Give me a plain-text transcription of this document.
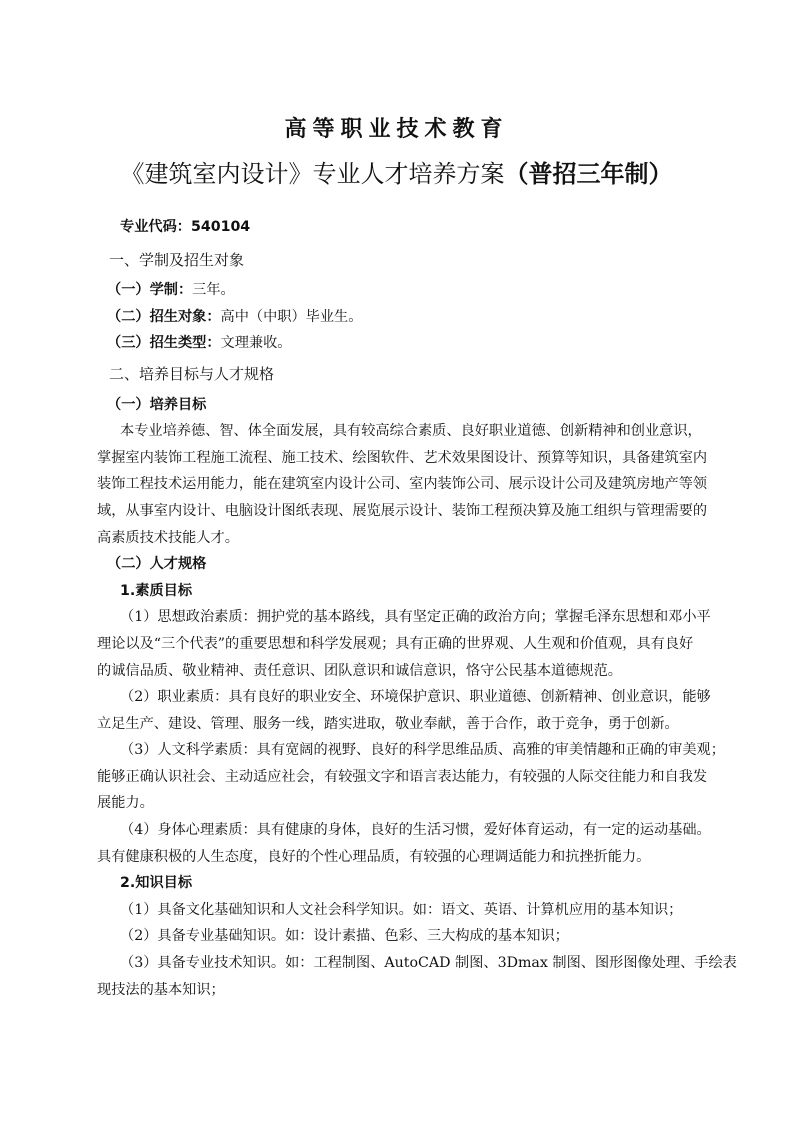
高等职业技术教育
《建筑室内设计》专业人才培养方案（普招三年制）
专业代码：540104
一、学制及招生对象
（一）学制：三年。
（二）招生对象：高中（中职）毕业生。
（三）招生类型：文理兼收。
二、培养目标与人才规格
（一）培养目标
本专业培养德、智、体全面发展，具有较高综合素质、良好职业道德、创新精神和创业意识，
掌握室内装饰工程施工流程、施工技术、绘图软件、艺术效果图设计、预算等知识，具备建筑室内
装饰工程技术运用能力，能在建筑室内设计公司、室内装饰公司、展示设计公司及建筑房地产等领
域，从事室内设计、电脑设计图纸表现、展览展示设计、装饰工程预决算及施工组织与管理需要的
高素质技术技能人才。
（二）人才规格
1.素质目标
（1）思想政治素质：拥护党的基本路线，具有坚定正确的政治方向；掌握毛泽东思想和邓小平
理论以及“三个代表”的重要思想和科学发展观；具有正确的世界观、人生观和价值观，具有良好
的诚信品质、敬业精神、责任意识、团队意识和诚信意识，恪守公民基本道德规范。
（2）职业素质：具有良好的职业安全、环境保护意识、职业道德、创新精神、创业意识，能够
立足生产、建设、管理、服务一线，踏实进取，敬业奉献，善于合作，敢于竞争，勇于创新。
（3）人文科学素质：具有宽阔的视野、良好的科学思维品质、高雅的审美情趣和正确的审美观；
能够正确认识社会、主动适应社会，有较强文字和语言表达能力，有较强的人际交往能力和自我发
展能力。
（4）身体心理素质：具有健康的身体，良好的生活习惯，爱好体育运动，有一定的运动基础。
具有健康积极的人生态度，良好的个性心理品质，有较强的心理调适能力和抗挫折能力。
2.知识目标
（1）具备文化基础知识和人文社会科学知识。如：语文、英语、计算机应用的基本知识；
（2）具备专业基础知识。如：设计素描、色彩、三大构成的基本知识；
（3）具备专业技术知识。如：工程制图、AutoCAD 制图、3Dmax 制图、图形图像处理、手绘表
现技法的基本知识；
